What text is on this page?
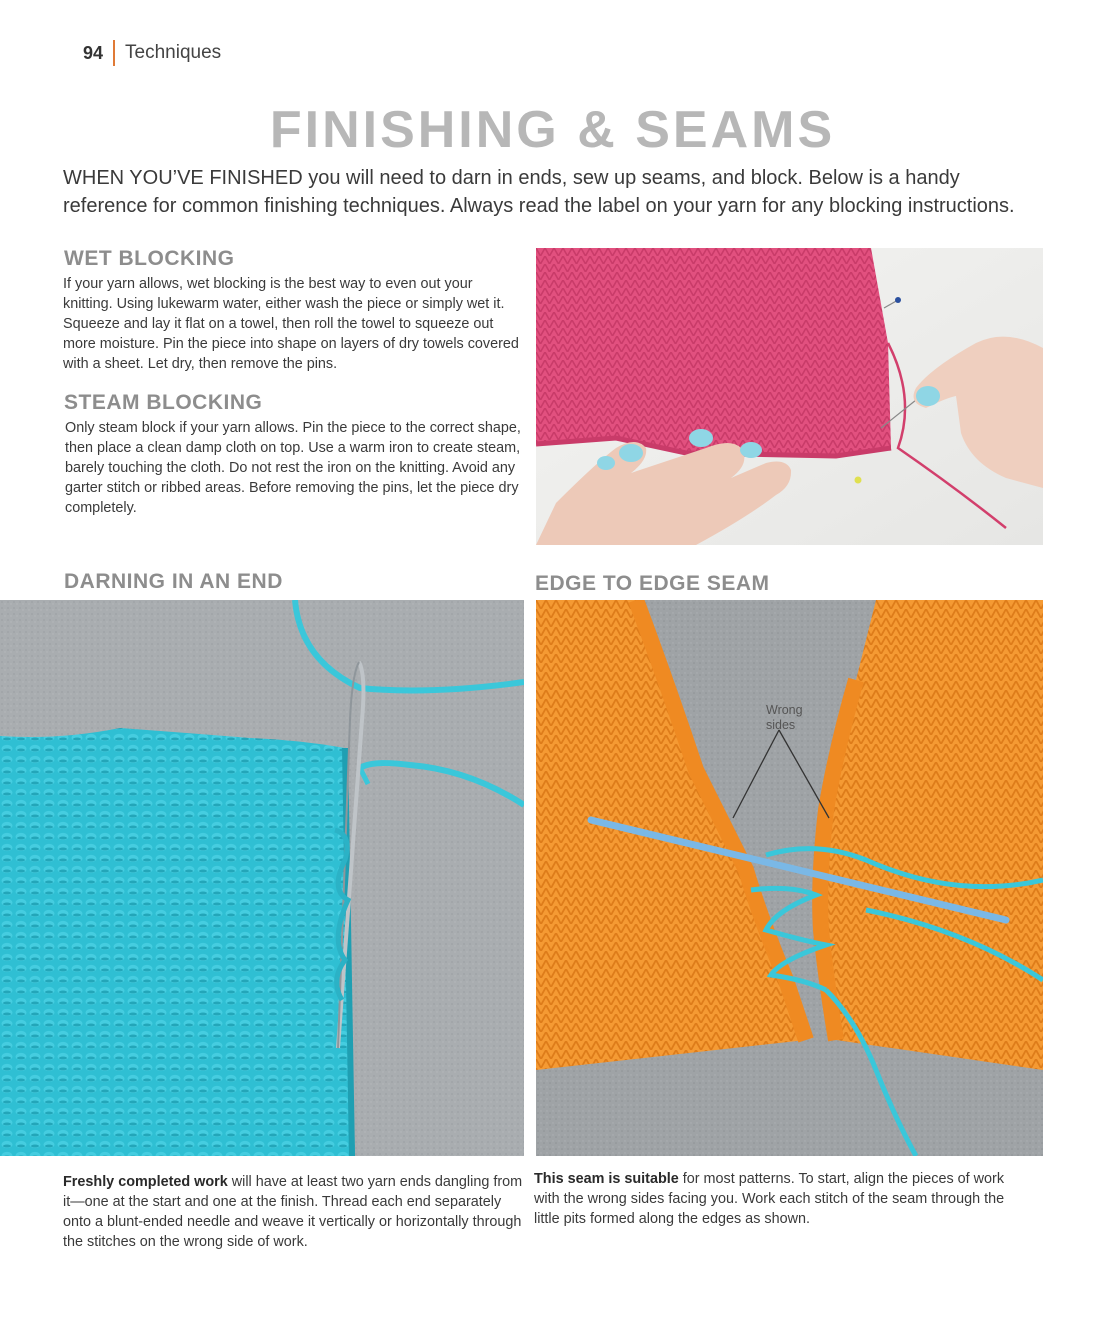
94 Techniques
FINISHING & SEAMS

WHEN YOU’VE FINISHED you will need to darn in ends, sew up seams, and block. Below is a handy reference for common finishing techniques. Always read the label on your yarn for any blocking instructions.

WET BLOCKING

If your yarn allows, wet blocking is the best way to even out your knitting. Using lukewarm water, either wash the piece or simply wet it. Squeeze and lay it flat on a towel, then roll the towel to squeeze out more moisture. Pin the piece into shape on layers of dry towels covered with a sheet. Let dry, then remove the pins.

STEAM BLOCKING

Only steam block if your yarn allows. Pin the piece to the correct shape, then place a clean damp cloth on top. Use a warm iron to create steam, barely touching the cloth. Do not rest the iron on the knitting. Avoid any garter stitch or ribbed areas. Before removing the pins, let the piece dry completely.

DARNING IN AN END	EDGE TO EDGE SEAM
Wrong
sides

Freshly completed work will have at least two yarn ends dangling from it—one at the start and one at the finish. Thread each end separately onto a blunt-ended needle and weave it vertically or horizontally through the stitches on the wrong side of work.

This seam is suitable for most patterns. To start, align the pieces of work with the wrong sides facing you. Work each stitch of the seam through the little pits formed along the edges as shown.
